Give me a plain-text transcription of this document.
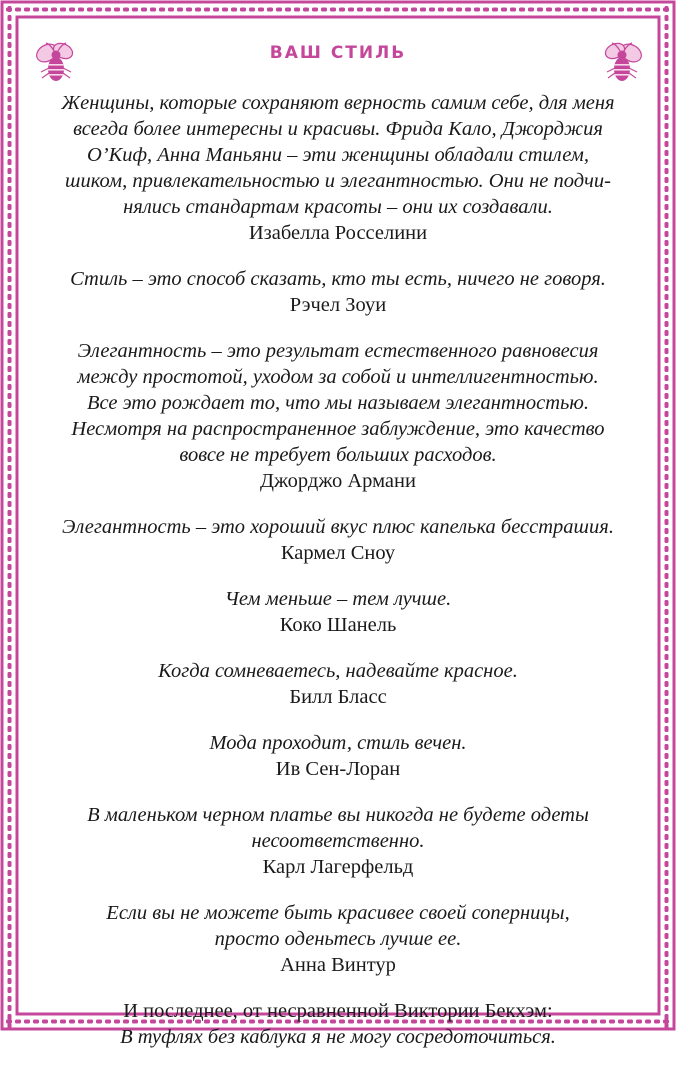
ВАШ СТИЛЬ
Женщины, которые сохраняют верность самим себе, для меня
всегда более интересны и красивы. Фрида Кало, Джорджия
О’Киф, Анна Маньяни – эти женщины обладали стилем,
шиком, привлекательностью и элегантностью. Они не подчи-
нялись стандартам красоты – они их создавали.
Изабелла Росселини
Стиль – это способ сказать, кто ты есть, ничего не говоря.
Рэчел Зоуи
Элегантность – это результат естественного равновесия
между простотой, уходом за собой и интеллигентностью.
Все это рождает то, что мы называем элегантностью.
Несмотря на распространенное заблуждение, это качество
вовсе не требует больших расходов.
Джорджо Армани
Элегантность – это хороший вкус плюс капелька бесстрашия.
Кармел Сноу
Чем меньше – тем лучше.
Коко Шанель
Когда сомневаетесь, надевайте красное.
Билл Бласс
Мода проходит, стиль вечен.
Ив Сен-Лоран
В маленьком черном платье вы никогда не будете одеты
несоответственно.
Карл Лагерфельд
Если вы не можете быть красивее своей соперницы,
просто оденьтесь лучше ее.
Анна Винтур
И последнее, от несравненной Виктории Бекхэм:
В туфлях без каблука я не могу сосредоточиться.
